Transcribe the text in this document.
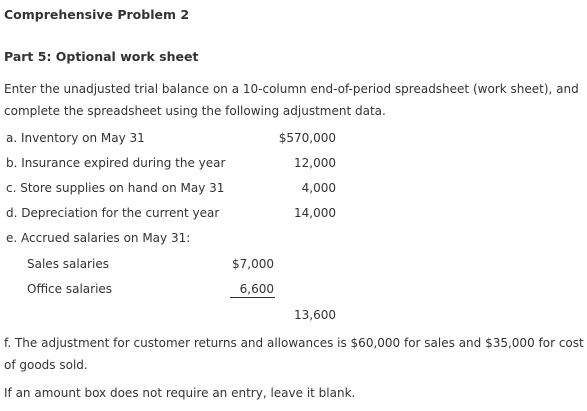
Comprehensive Problem 2
Part 5: Optional work sheet
Enter the unadjusted trial balance on a 10-column end-of-period spreadsheet (work sheet), and complete the spreadsheet using the following adjustment data.
a. Inventory on May 31	$570,000
b. Insurance expired during the year	12,000
c. Store supplies on hand on May 31	4,000
d. Depreciation for the current year	14,000
e. Accrued salaries on May 31:
Sales salaries	$7,000
Office salaries	6,600
13,600
f. The adjustment for customer returns and allowances is $60,000 for sales and $35,000 for cost of goods sold.
If an amount box does not require an entry, leave it blank.
